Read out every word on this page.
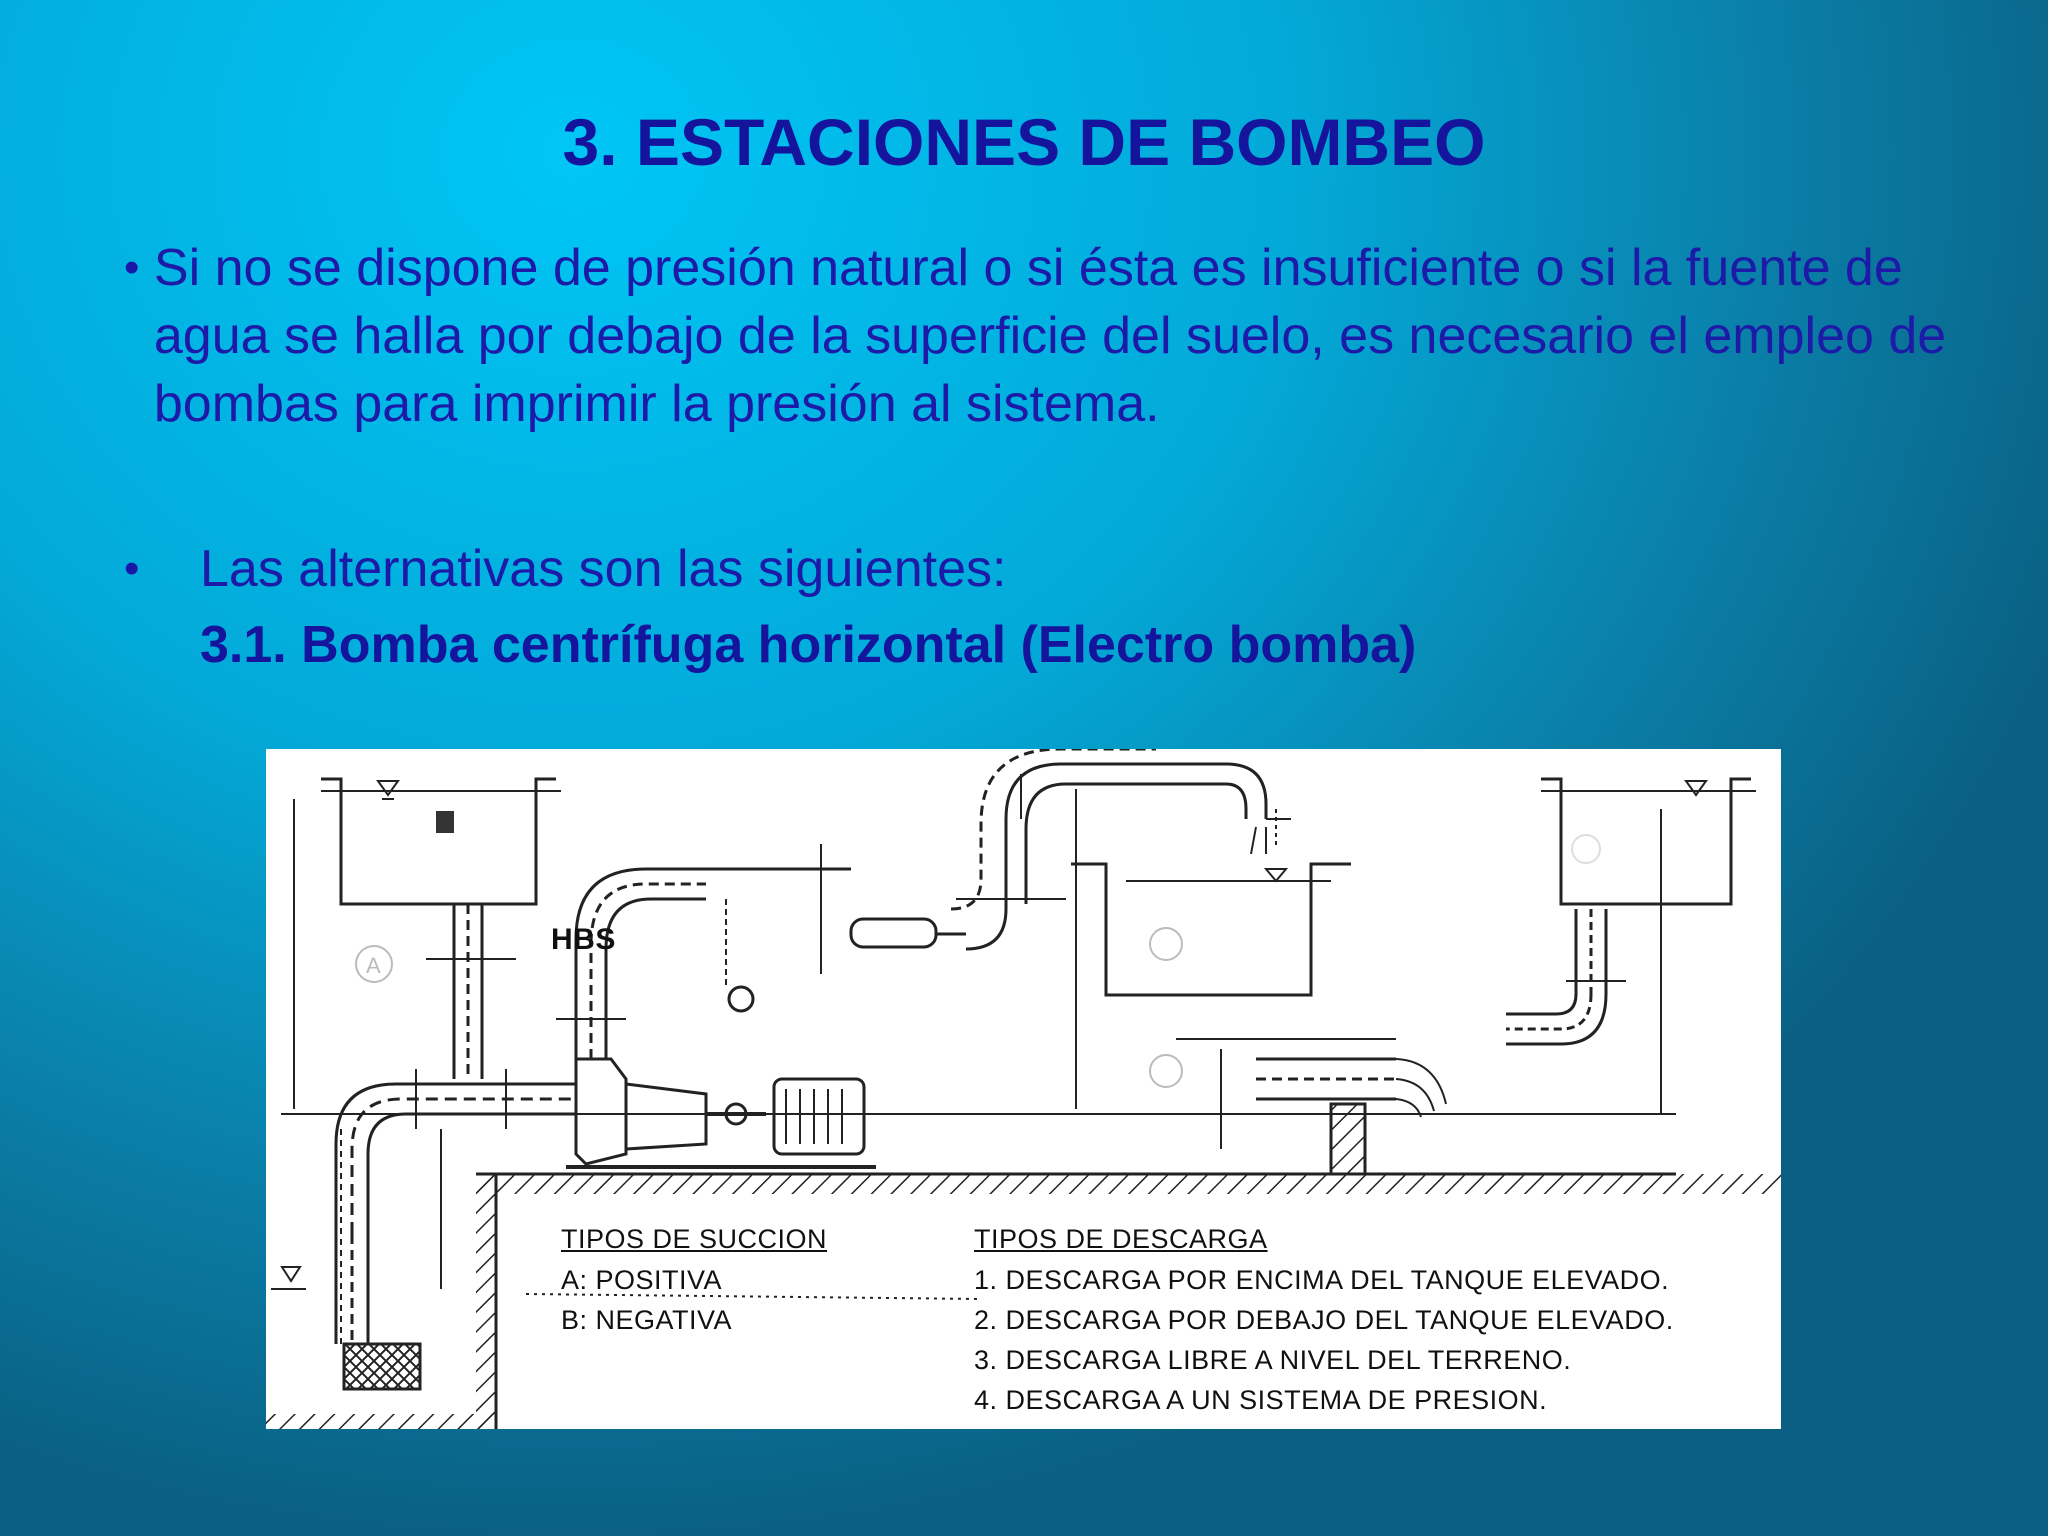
3. ESTACIONES DE BOMBEO
• Si no se dispone de presión natural o si ésta es insuficiente o si la fuente de agua se halla por debajo de la superficie del suelo, es necesario el empleo de bombas para imprimir la presión al sistema.
•	Las alternativas son las siguientes:
3.1. Bomba centrífuga horizontal (Electro bomba)
A
HBS
TIPOS DE SUCCION
A: POSITIVA
B: NEGATIVA
TIPOS DE DESCARGA
1. DESCARGA POR ENCIMA DEL TANQUE ELEVADO.
2. DESCARGA POR DEBAJO DEL TANQUE ELEVADO.
3. DESCARGA LIBRE A NIVEL DEL TERRENO.
4. DESCARGA A UN SISTEMA DE PRESION.
